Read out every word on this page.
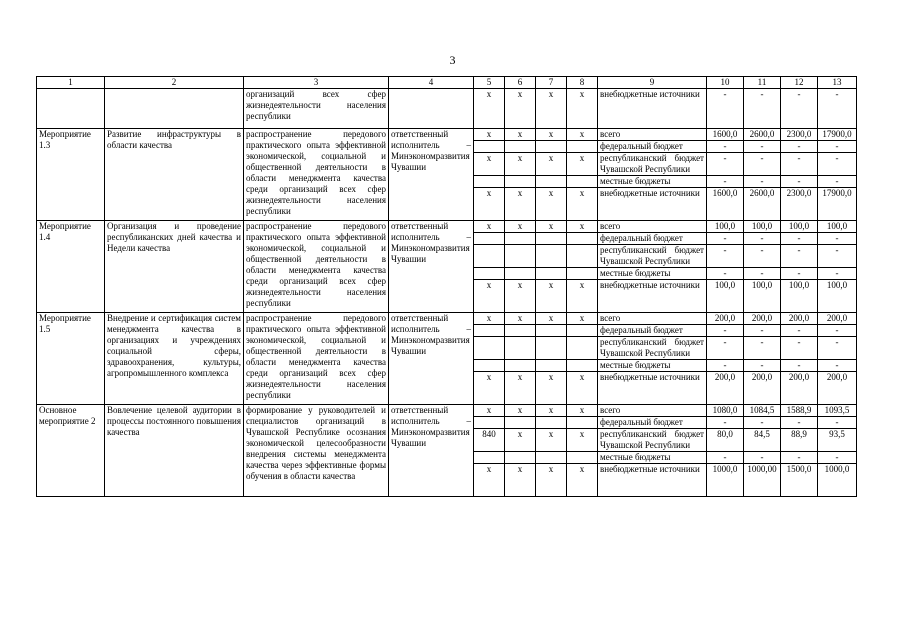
3
1	2	3	4	5	6	7	8	9	10	11	12	13
		организаций всех сфер жизнедеятельности населения республики		х	х	х	х	внебюджетные источники	-	-	-	-
Мероприятие 1.3	Развитие инфраструктуры в области качества	распространение передового практического опыта эффективной экономической, социальной и общественной деятельности в области менеджмента качества среди организаций всех сфер жизнедеятельности населения республики	ответственный исполнитель – Минэкономразвития Чувашии	х	х	х	х	всего	1600,0	2600,0	2300,0	17900,0
								федеральный бюджет	-	-	-	-
				х	х	х	х	республиканский бюджет Чувашской Республики	-	-	-	-
								местные бюджеты	-	-	-	-
				х	х	х	х	внебюджетные источники	1600,0	2600,0	2300,0	17900,0
Мероприятие 1.4	Организация и проведение республиканских дней качества и Недели качества	распространение передового практического опыта эффективной экономической, социальной и общественной деятельности в области менеджмента качества среди организаций всех сфер жизнедеятельности населения республики	ответственный исполнитель – Минэкономразвития Чувашии	х	х	х	х	всего	100,0	100,0	100,0	100,0
								федеральный бюджет	-	-	-	-
								республиканский бюджет Чувашской Республики	-	-	-	-
								местные бюджеты	-	-	-	-
				х	х	х	х	внебюджетные источники	100,0	100,0	100,0	100,0
Мероприятие 1.5	Внедрение и сертификация систем менеджмента качества в организациях и учреждениях социальной сферы, здравоохранения, культуры, агропромышленного комплекса	распространение передового практического опыта эффективной экономической, социальной и общественной деятельности в области менеджмента качества среди организаций всех сфер жизнедеятельности населения республики	ответственный исполнитель – Минэкономразвития Чувашии	х	х	х	х	всего	200,0	200,0	200,0	200,0
								федеральный бюджет	-	-	-	-
								республиканский бюджет Чувашской Республики	-	-	-	-
								местные бюджеты	-	-	-	-
				х	х	х	х	внебюджетные источники	200,0	200,0	200,0	200,0
Основное мероприятие 2	Вовлечение целевой аудитории в процессы постоянного повышения качества	формирование у руководителей и специалистов организаций в Чувашской Республике осознания экономической целесообразности внедрения системы менеджмента качества через эффективные формы обучения в области качества	ответственный исполнитель – Минэкономразвития Чувашии	х	х	х	х	всего	1080,0	1084,5	1588,9	1093,5
								федеральный бюджет	-	-	-	-
				840	х	х	х	республиканский бюджет Чувашской Республики	80,0	84,5	88,9	93,5
								местные бюджеты	-	-	-	-
				х	х	х	х	внебюджетные источники	1000,0	1000,00	1500,0	1000,0
